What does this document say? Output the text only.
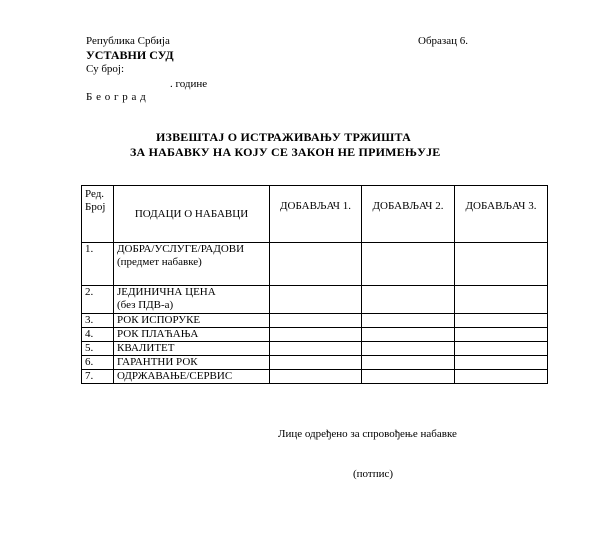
Република Србија	Образац 6.
УСТАВНИ СУД
Су број:
. године
Б е о г р а д
ИЗВЕШТАЈ О ИСТРАЖИВАЊУ ТРЖИШТА
ЗА НАБАВКУ НА КОЈУ СЕ ЗАКОН НЕ ПРИМЕЊУЈЕ
Ред.
Број	ПОДАЦИ О НАБАВЦИ	ДОБАВЉАЧ 1.	ДОБАВЉАЧ 2.	ДОБАВЉАЧ 3.
1.	ДОБРА/УСЛУГЕ/РАДОВИ
(предмет набавке)			

2.	ЈЕДИНИЧНА ЦЕНА
(без ПДВ-а)			

3.	РОК ИСПОРУКЕ			
4.	РОК ПЛАЋАЊА			
5.	КВАЛИТЕТ			
6.	ГАРАНТНИ РОК			
7.	ОДРЖАВАЊЕ/СЕРВИС			
Лице одређено за спровођење набавке
(потпис)
